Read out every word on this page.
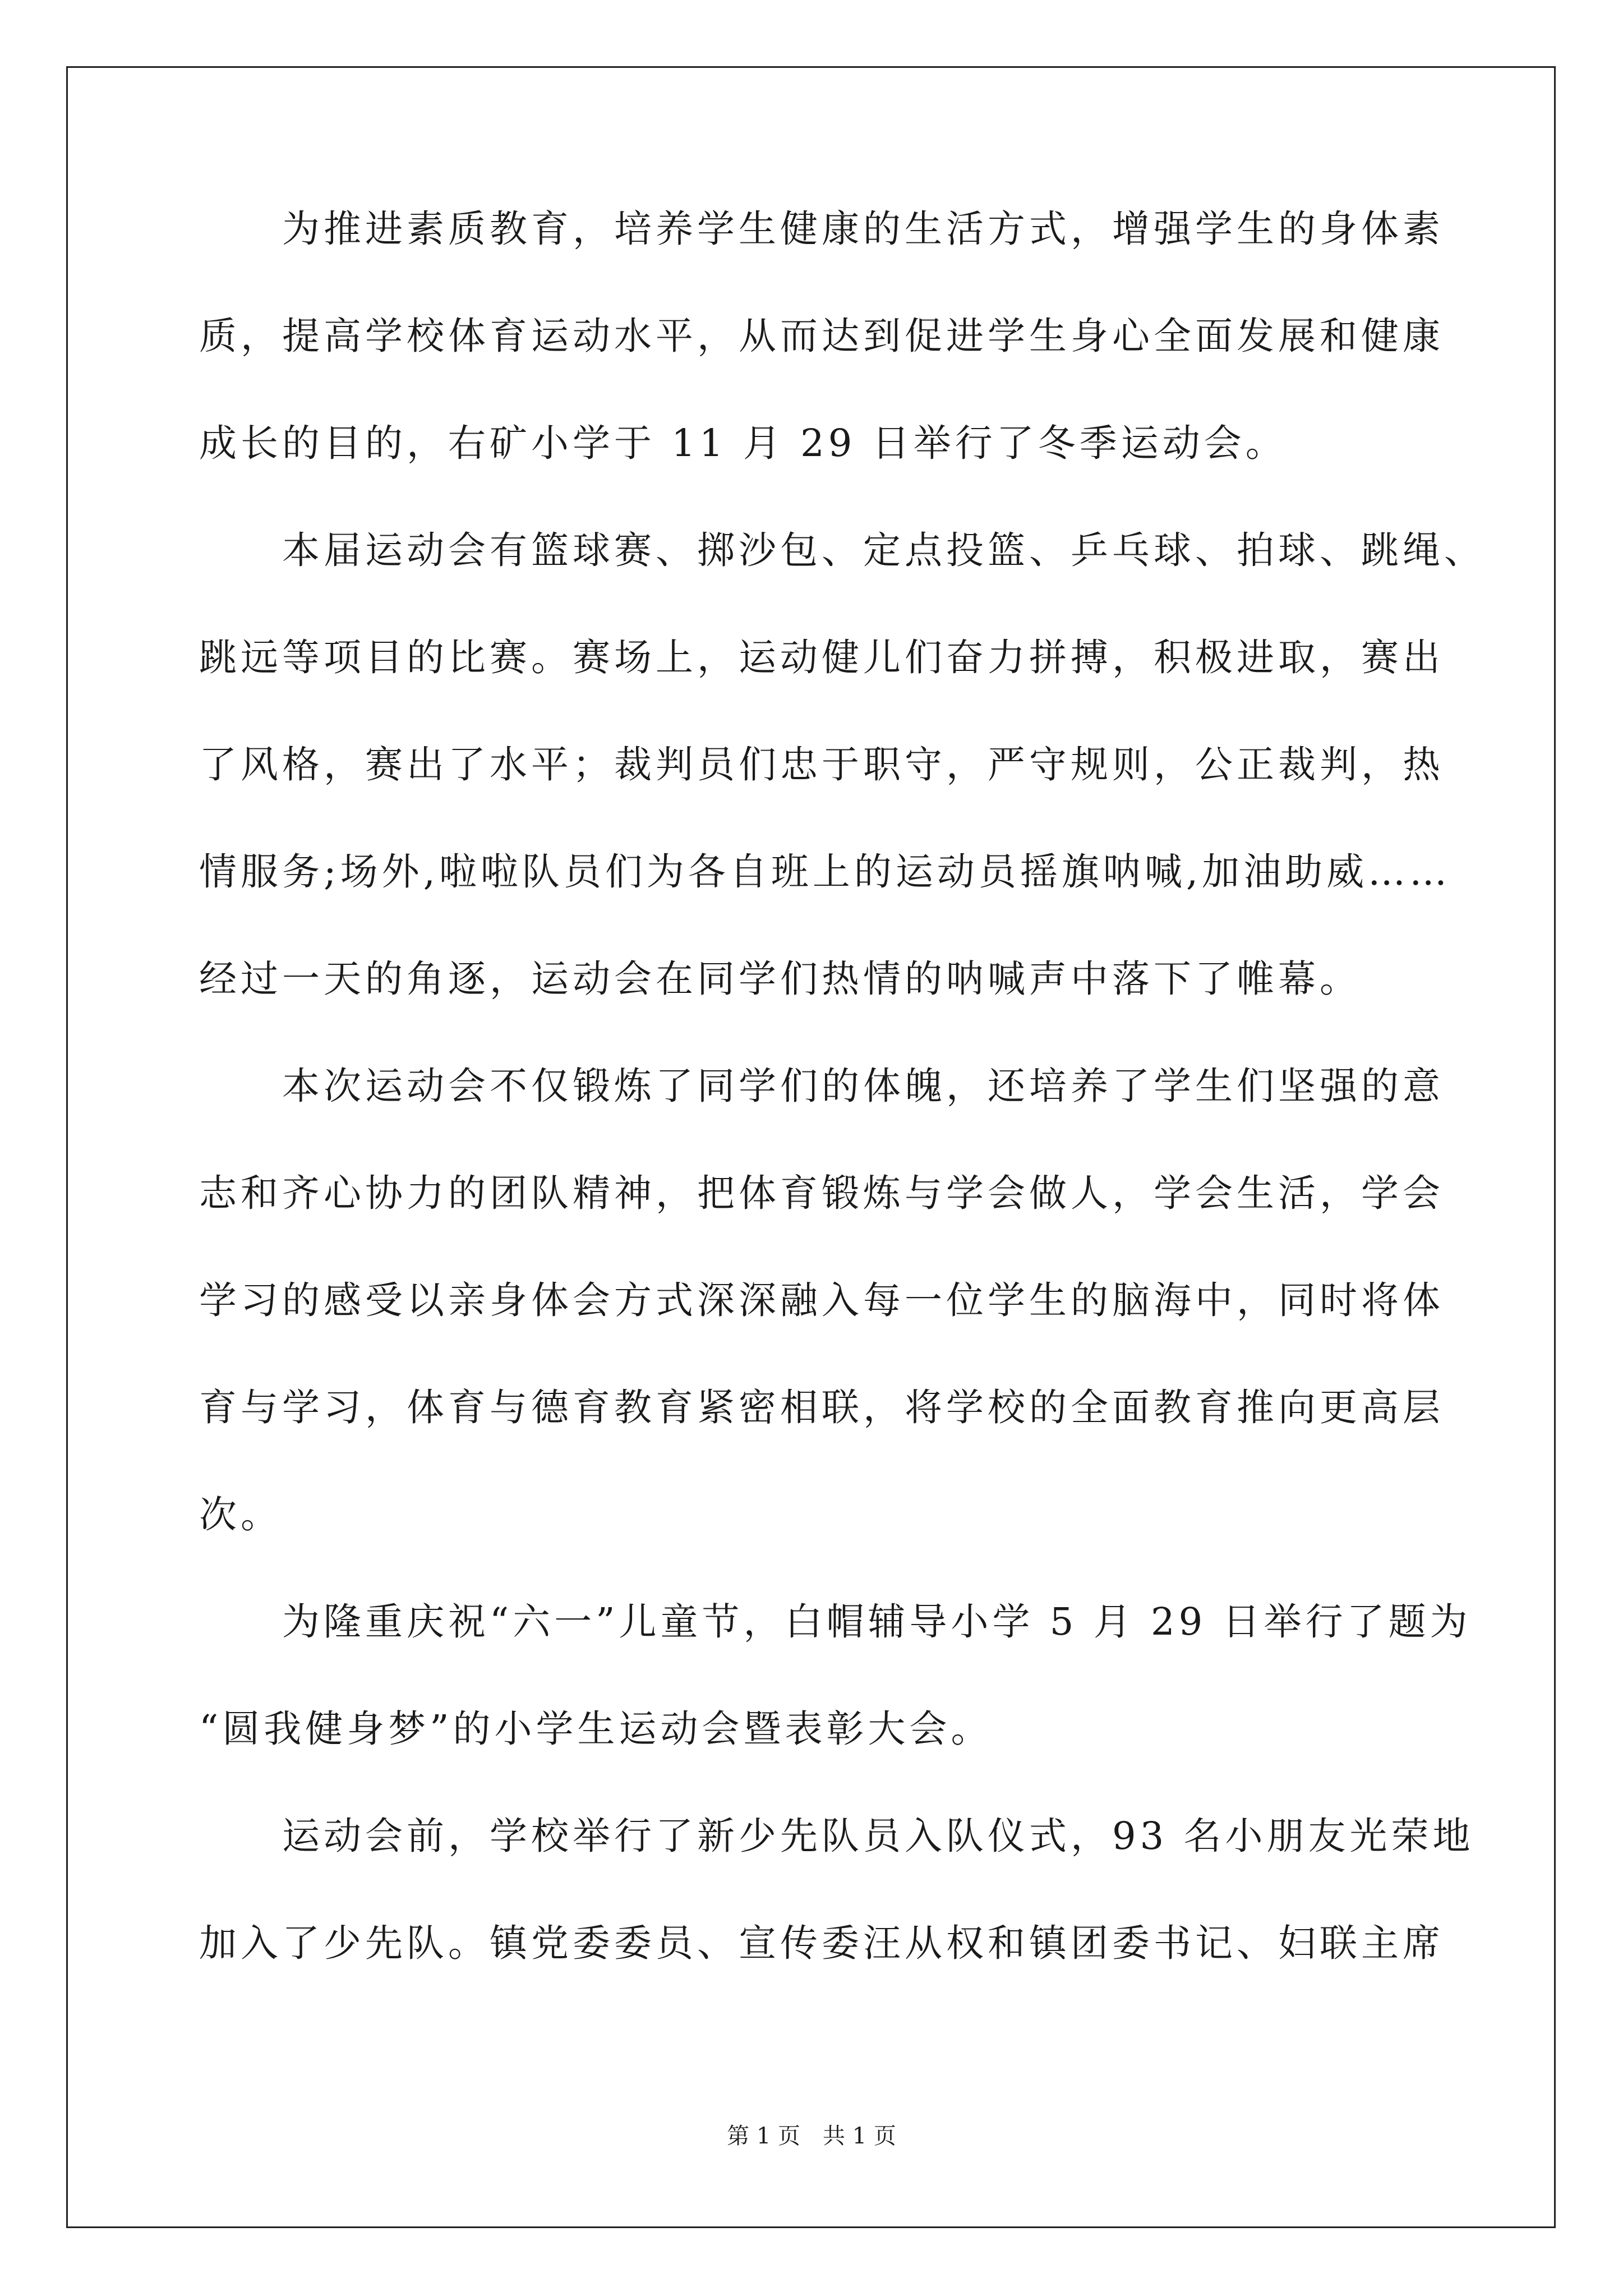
　　为推进素质教育，培养学生健康的生活方式，增强学生的身体素
质，提高学校体育运动水平，从而达到促进学生身心全面发展和健康
成长的目的，右矿小学于 11 月 29 日举行了冬季运动会。
　　本届运动会有篮球赛、掷沙包、定点投篮、乒乓球、拍球、跳绳、
跳远等项目的比赛。赛场上，运动健儿们奋力拼搏，积极进取，赛出
了风格，赛出了水平；裁判员们忠于职守，严守规则，公正裁判，热
情服务;场外,啦啦队员们为各自班上的运动员摇旗呐喊,加油助威……
经过一天的角逐，运动会在同学们热情的呐喊声中落下了帷幕。
　　本次运动会不仅锻炼了同学们的体魄，还培养了学生们坚强的意
志和齐心协力的团队精神，把体育锻炼与学会做人，学会生活，学会
学习的感受以亲身体会方式深深融入每一位学生的脑海中，同时将体
育与学习，体育与德育教育紧密相联，将学校的全面教育推向更高层
次。
　　为隆重庆祝“六一”儿童节，白帽辅导小学 5 月 29 日举行了题为
“圆我健身梦”的小学生运动会暨表彰大会。
　　运动会前，学校举行了新少先队员入队仪式，93 名小朋友光荣地
加入了少先队。镇党委委员、宣传委汪从权和镇团委书记、妇联主席
第 1 页　共 1 页
